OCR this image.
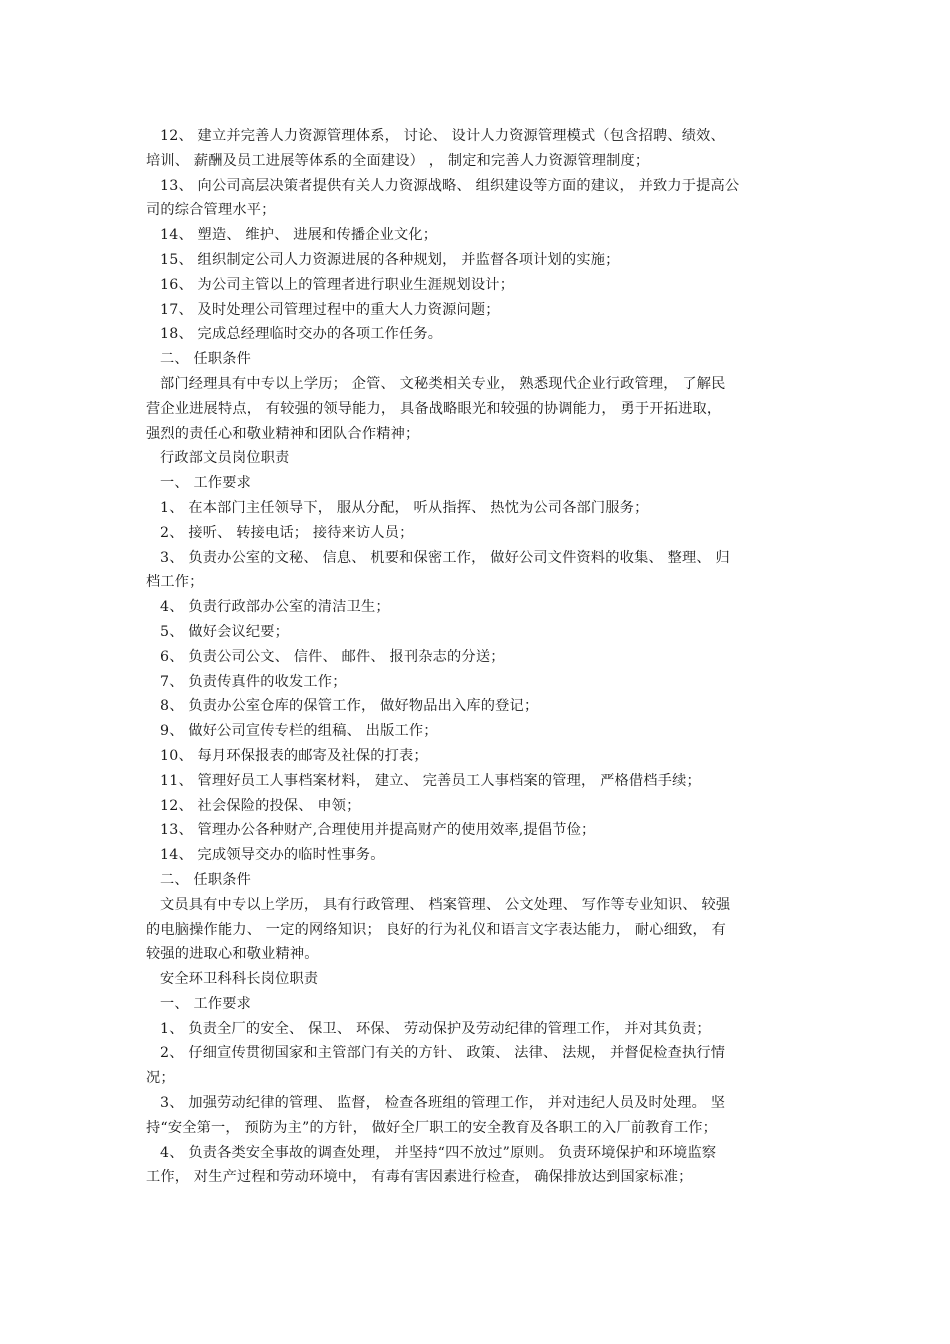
12、 建立并完善人力资源管理体系， 讨论、 设计人力资源管理模式（包含招聘、绩效、
培训、 薪酬及员工进展等体系的全面建设） ， 制定和完善人力资源管理制度；
13、 向公司高层决策者提供有关人力资源战略、 组织建设等方面的建议， 并致力于提高公
司的综合管理水平；
14、 塑造、 维护、 进展和传播企业文化；
15、 组织制定公司人力资源进展的各种规划， 并监督各项计划的实施；
16、 为公司主管以上的管理者进行职业生涯规划设计；
17、 及时处理公司管理过程中的重大人力资源问题；
18、 完成总经理临时交办的各项工作任务。
二、 任职条件
部门经理具有中专以上学历； 企管、 文秘类相关专业， 熟悉现代企业行政管理， 了解民
营企业进展特点， 有较强的领导能力， 具备战略眼光和较强的协调能力， 勇于开拓进取，
强烈的责任心和敬业精神和团队合作精神；
行政部文员岗位职责
一、 工作要求
1、 在本部门主任领导下， 服从分配， 听从指挥、 热忱为公司各部门服务；
2、 接听、 转接电话； 接待来访人员；
3、 负责办公室的文秘、 信息、 机要和保密工作， 做好公司文件资料的收集、 整理、 归
档工作；
4、 负责行政部办公室的清洁卫生；
5、 做好会议纪要；
6、 负责公司公文、 信件、 邮件、 报刊杂志的分送；
7、 负责传真件的收发工作；
8、 负责办公室仓库的保管工作， 做好物品出入库的登记；
9、 做好公司宣传专栏的组稿、 出版工作；
10、 每月环保报表的邮寄及社保的打表；
11、 管理好员工人事档案材料， 建立、 完善员工人事档案的管理， 严格借档手续；
12、 社会保险的投保、 申领；
13、 管理办公各种财产,合理使用并提高财产的使用效率,提倡节俭；
14、 完成领导交办的临时性事务。
二、 任职条件
文员具有中专以上学历， 具有行政管理、 档案管理、 公文处理、 写作等专业知识、 较强
的电脑操作能力、 一定的网络知识； 良好的行为礼仪和语言文字表达能力， 耐心细致， 有
较强的进取心和敬业精神。
安全环卫科科长岗位职责
一、 工作要求
1、 负责全厂的安全、 保卫、 环保、 劳动保护及劳动纪律的管理工作， 并对其负责；
2、 仔细宣传贯彻国家和主管部门有关的方针、 政策、 法律、 法规， 并督促检查执行情
况；
3、 加强劳动纪律的管理、 监督， 检查各班组的管理工作， 并对违纪人员及时处理。 坚
持“安全第一， 预防为主”的方针， 做好全厂职工的安全教育及各职工的入厂前教育工作；
4、 负责各类安全事故的调查处理， 并坚持“四不放过”原则。 负责环境保护和环境监察
工作， 对生产过程和劳动环境中， 有毒有害因素进行检查， 确保排放达到国家标准；
